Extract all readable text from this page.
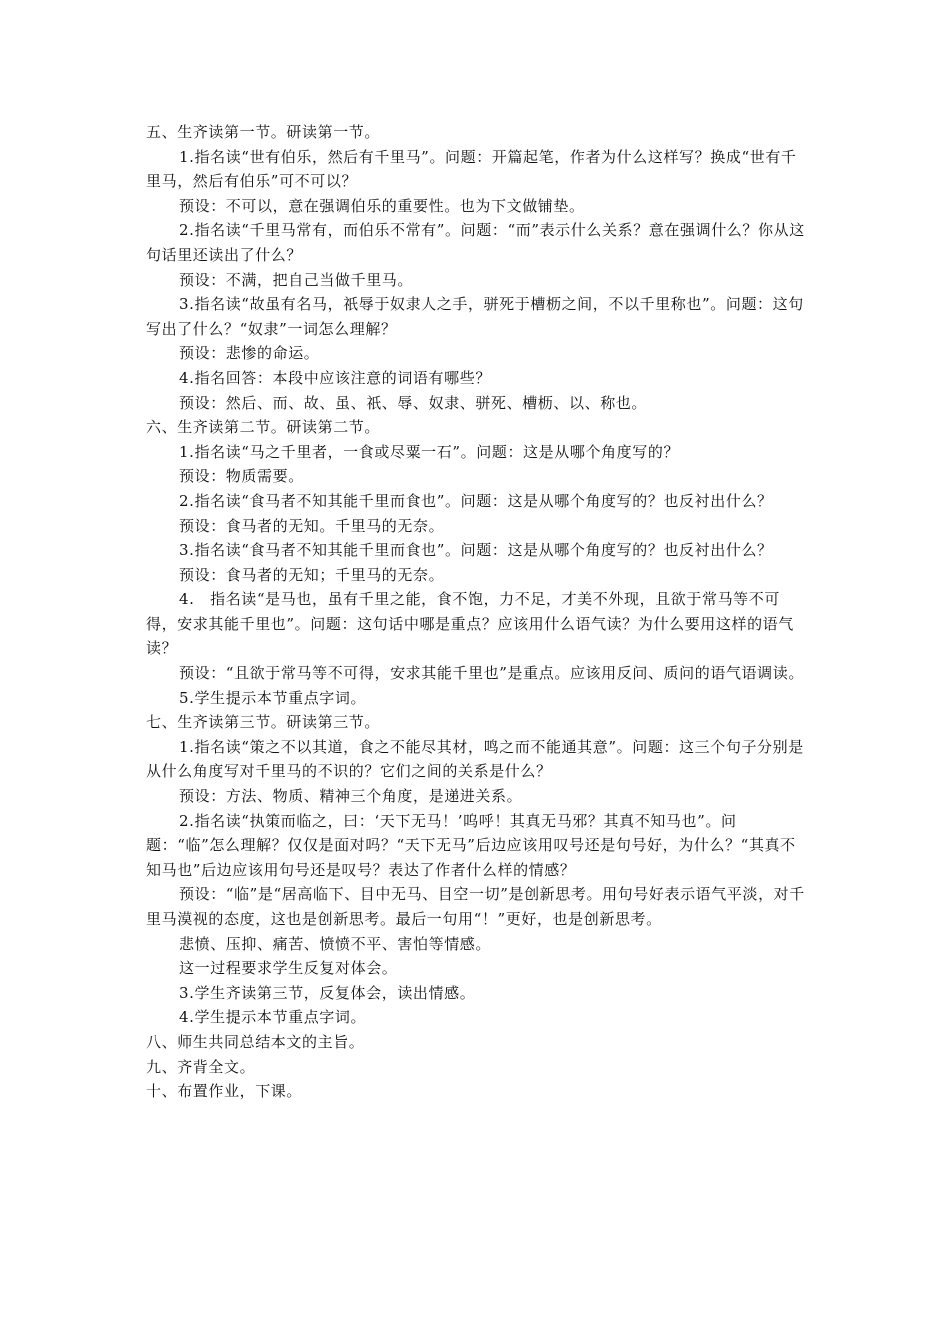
五、生齐读第一节。研读第一节。

1.指名读“世有伯乐，然后有千里马”。问题：开篇起笔，作者为什么这样写？换成“世有千里马，然后有伯乐”可不可以？

预设：不可以，意在强调伯乐的重要性。也为下文做铺垫。

2.指名读“千里马常有，而伯乐不常有”。问题：“而”表示什么关系？意在强调什么？你从这句话里还读出了什么？

预设：不满，把自己当做千里马。

3.指名读“故虽有名马，祇辱于奴隶人之手，骈死于槽枥之间，不以千里称也”。问题：这句写出了什么？“奴隶”一词怎么理解？

预设：悲惨的命运。

4.指名回答：本段中应该注意的词语有哪些？

预设：然后、而、故、虽、祇、辱、奴隶、骈死、槽枥、以、称也。

六、生齐读第二节。研读第二节。

1.指名读“马之千里者，一食或尽粟一石”。问题：这是从哪个角度写的？

预设：物质需要。

2.指名读“食马者不知其能千里而食也”。问题：这是从哪个角度写的？也反衬出什么？

预设：食马者的无知。千里马的无奈。

3.指名读“食马者不知其能千里而食也”。问题：这是从哪个角度写的？也反衬出什么？

预设：食马者的无知；千里马的无奈。

4.　指名读“是马也，虽有千里之能，食不饱，力不足，才美不外现，且欲于常马等不可得，安求其能千里也”。问题：这句话中哪是重点？应该用什么语气读？为什么要用这样的语气读？

预设：“且欲于常马等不可得，安求其能千里也”是重点。应该用反问、质问的语气语调读。

5.学生提示本节重点字词。

七、生齐读第三节。研读第三节。

1.指名读“策之不以其道，食之不能尽其材，鸣之而不能通其意”。问题：这三个句子分别是从什么角度写对千里马的不识的？它们之间的关系是什么？

预设：方法、物质、精神三个角度，是递进关系。

2.指名读“执策而临之，曰：‘天下无马！’呜呼！其真无马邪？其真不知马也”。问题：“临”怎么理解？仅仅是面对吗？“天下无马”后边应该用叹号还是句号好，为什么？“其真不知马也”后边应该用句号还是叹号？表达了作者什么样的情感？

预设：“临”是“居高临下、目中无马、目空一切”是创新思考。用句号好表示语气平淡，对千里马漠视的态度，这也是创新思考。最后一句用“！”更好，也是创新思考。

悲愤、压抑、痛苦、愤愤不平、害怕等情感。

这一过程要求学生反复对体会。

3.学生齐读第三节，反复体会，读出情感。

4.学生提示本节重点字词。

八、师生共同总结本文的主旨。

九、齐背全文。

十、布置作业，下课。
